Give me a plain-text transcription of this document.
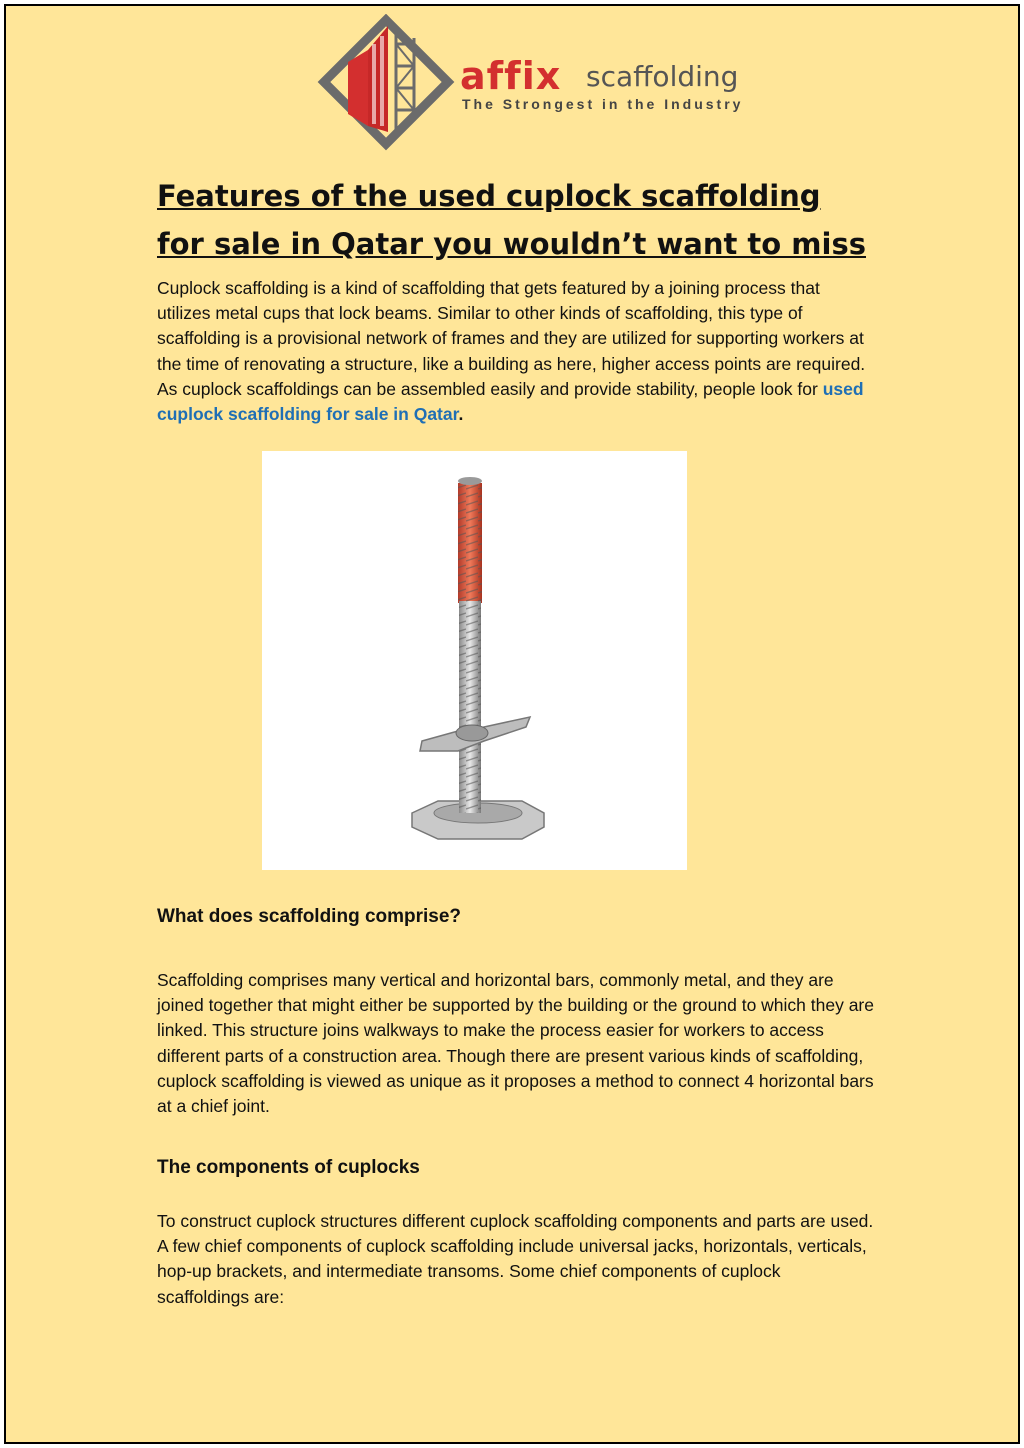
affix scaffolding
The Strongest in the Industry
Features of the used cuplock scaffolding for sale in Qatar you wouldn’t want to miss

Cuplock scaffolding is a kind of scaffolding that gets featured by a joining process that utilizes metal cups that lock beams. Similar to other kinds of scaffolding, this type of scaffolding is a provisional network of frames and they are utilized for supporting workers at the time of renovating a structure, like a building as here, higher access points are required. As cuplock scaffoldings can be assembled easily and provide stability, people look for used cuplock scaffolding for sale in Qatar.

What does scaffolding comprise?

Scaffolding comprises many vertical and horizontal bars, commonly metal, and they are joined together that might either be supported by the building or the ground to which they are linked. This structure joins walkways to make the process easier for workers to access different parts of a construction area. Though there are present various kinds of scaffolding, cuplock scaffolding is viewed as unique as it proposes a method to connect 4 horizontal bars at a chief joint.

The components of cuplocks

To construct cuplock structures different cuplock scaffolding components and parts are used. A few chief components of cuplock scaffolding include universal jacks, horizontals, verticals, hop-up brackets, and intermediate transoms. Some chief components of cuplock scaffoldings are:
